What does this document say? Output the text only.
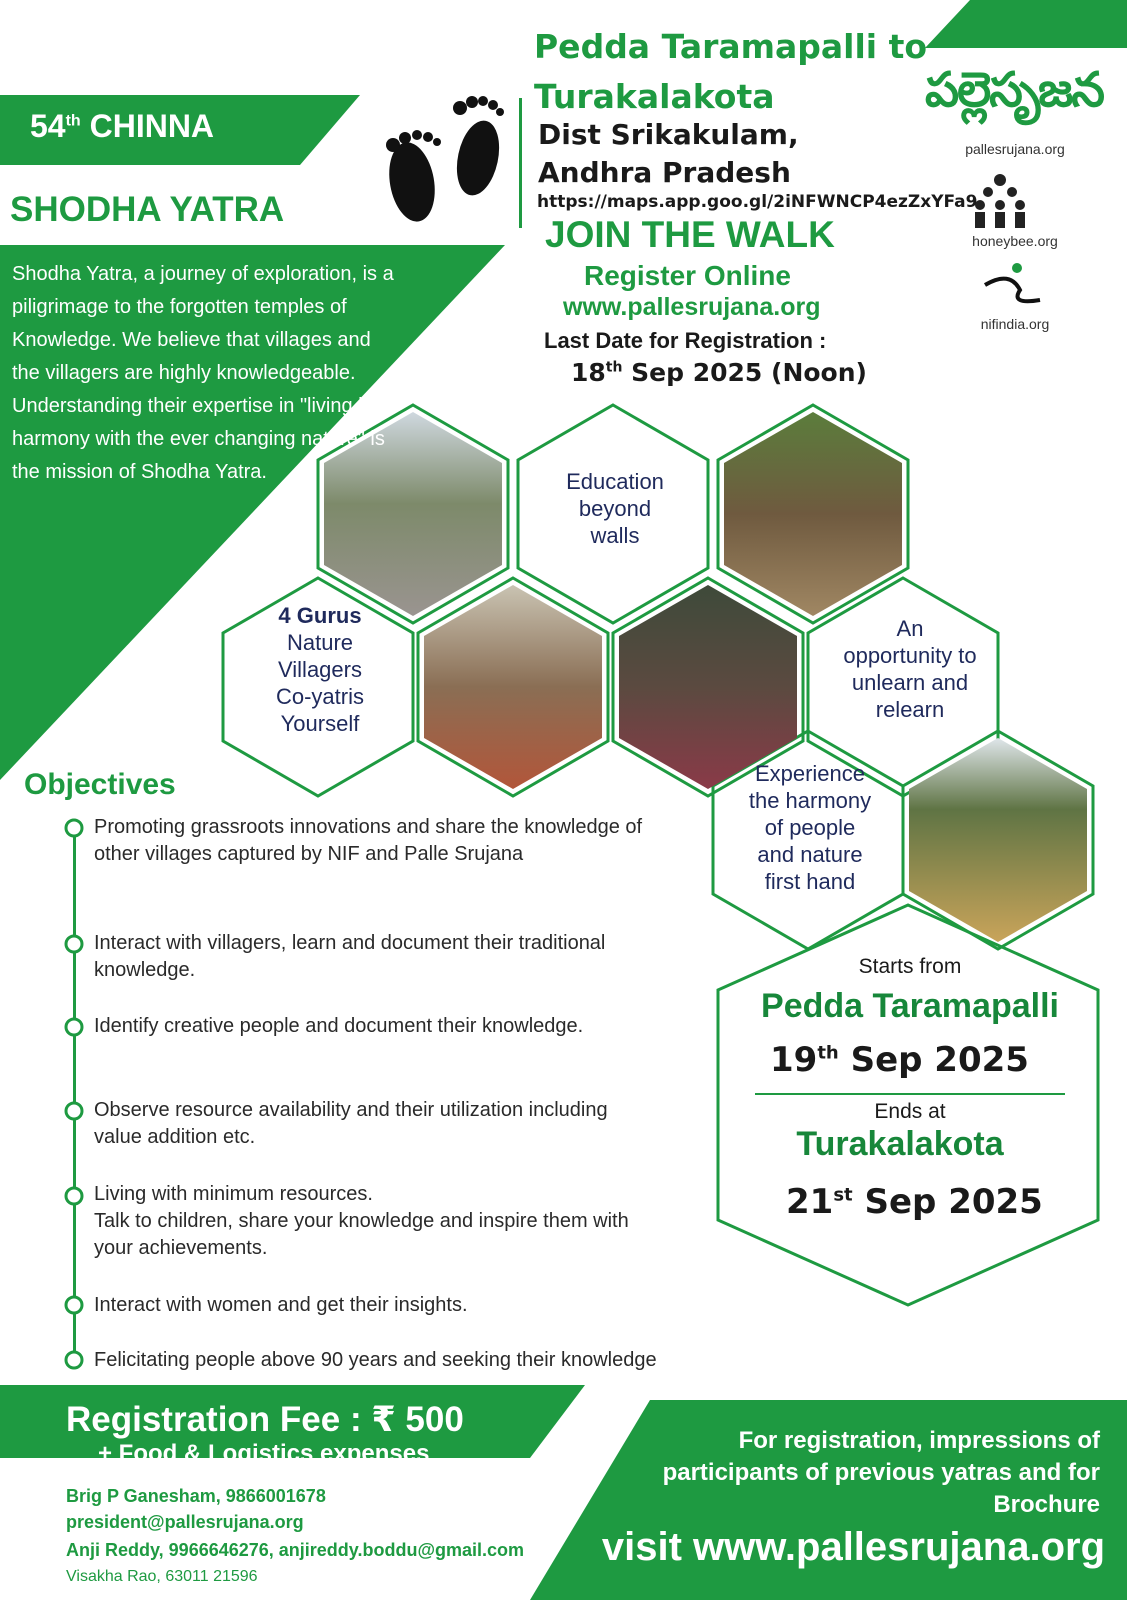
54th CHINNA
SHODHA YATRA
Shodha Yatra, a journey of exploration, is a piligrimage to the forgotten temples of Knowledge. We believe that villages and the villagers are highly knowledgeable. Understanding their expertise in "living in harmony with the ever changing nature" is the mission of Shodha Yatra.
Pedda Taramapalli to
Turakalakota
Dist Srikakulam,
Andhra Pradesh
https://maps.app.goo.gl/2iNFWNCP4ezZxYFa9
JOIN THE WALK
Register Online
www.pallesrujana.org
Last Date for Registration :
18th Sep 2025 (Noon)
పల్లెసృజన
pallesrujana.org
honeybee.org
nifindia.org
Education
beyond
walls
4 Gurus
Nature
Villagers
Co-yatris
Yourself
An
opportunity to
unlearn and
relearn
Experience
the harmony
of people
and nature
first hand
Objectives
Promoting grassroots innovations and share the knowledge of other villages captured by NIF and Palle Srujana
Interact with villagers, learn and document their traditional knowledge.
Identify creative people and document their knowledge.
Observe resource availability and their utilization including value addition etc.
Living with minimum resources.
Talk to children, share your knowledge and inspire them with your achievements.
Interact with women and get their insights.
Felicitating people above 90 years and seeking their knowledge
Starts from
Pedda Taramapalli
19th Sep 2025
Ends at
Turakalakota
21st Sep 2025
Registration Fee : ₹ 500
+ Food & Logistics expenses
Brig P Ganesham, 9866001678
president@pallesrujana.org
Anji Reddy, 9966646276, anjireddy.boddu@gmail.com
Visakha Rao, 63011 21596
For registration, impressions of participants of previous yatras and for Brochure
visit www.pallesrujana.org
